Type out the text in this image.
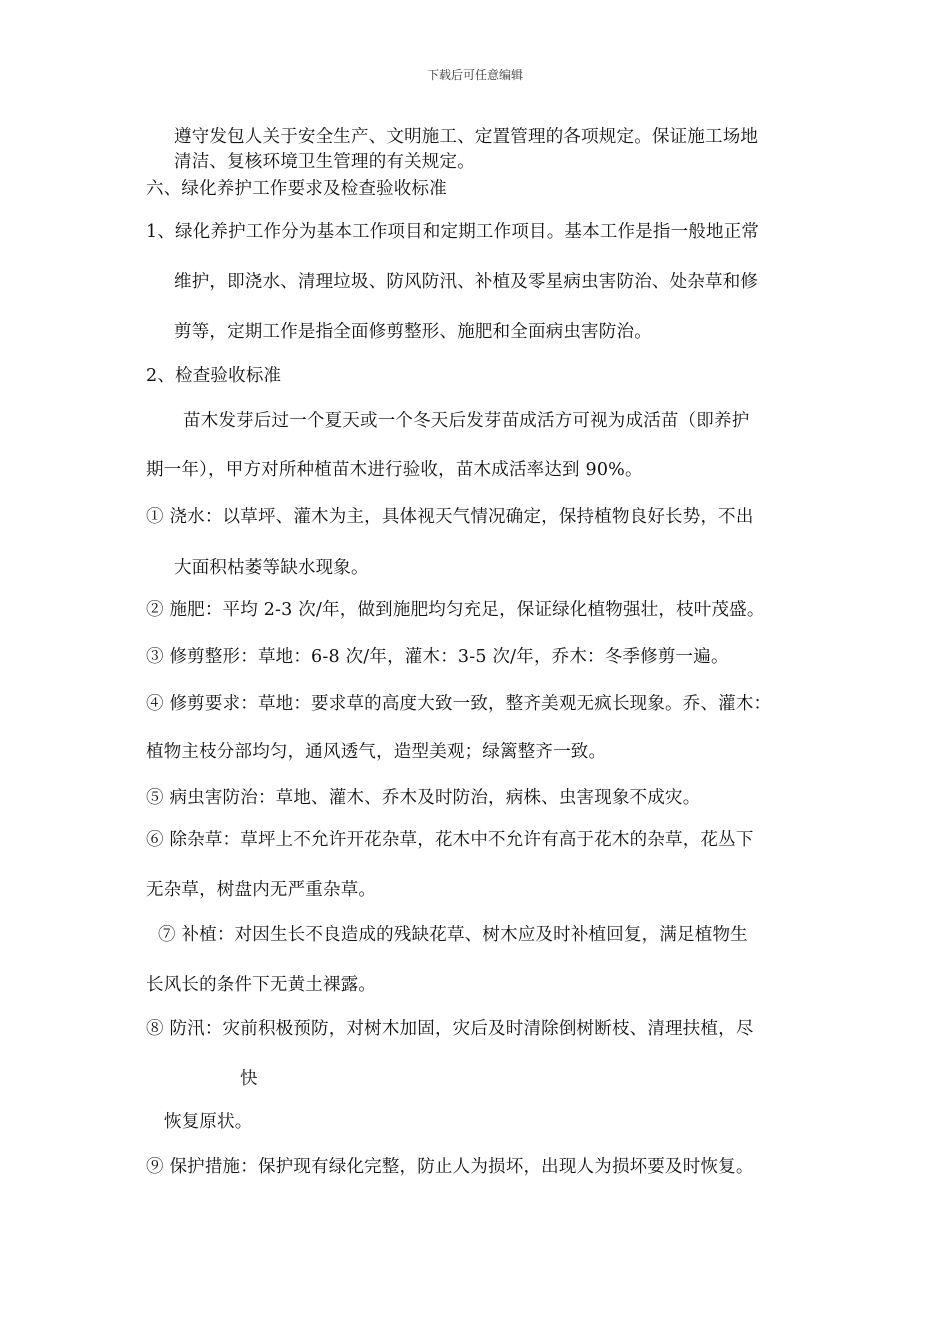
下载后可任意编辑
遵守发包人关于安全生产、文明施工、定置管理的各项规定。保证施工场地
清洁、复核环境卫生管理的有关规定。
六、绿化养护工作要求及检查验收标准
1、绿化养护工作分为基本工作项目和定期工作项目。基本工作是指一般地正常
维护，即浇水、清理垃圾、防风防汛、补植及零星病虫害防治、处杂草和修
剪等，定期工作是指全面修剪整形、施肥和全面病虫害防治。
2、检查验收标准
苗木发芽后过一个夏天或一个冬天后发芽苗成活方可视为成活苗（即养护
期一年），甲方对所种植苗木进行验收，苗木成活率达到 90%。
① 浇水：以草坪、灌木为主，具体视天气情况确定，保持植物良好长势，不出
大面积枯萎等缺水现象。
② 施肥：平均 2-3 次/年，做到施肥均匀充足，保证绿化植物强壮，枝叶茂盛。
③ 修剪整形：草地：6-8 次/年，灌木：3-5 次/年，乔木：冬季修剪一遍。
④ 修剪要求：草地：要求草的高度大致一致，整齐美观无疯长现象。乔、灌木：
植物主枝分部均匀，通风透气，造型美观；绿篱整齐一致。
⑤ 病虫害防治：草地、灌木、乔木及时防治，病株、虫害现象不成灾。
⑥ 除杂草：草坪上不允许开花杂草，花木中不允许有高于花木的杂草，花丛下
无杂草，树盘内无严重杂草。
⑦ 补植：对因生长不良造成的残缺花草、树木应及时补植回复，满足植物生
长风长的条件下无黄土裸露。
⑧ 防汛：灾前积极预防，对树木加固，灾后及时清除倒树断枝、清理扶植，尽
快
恢复原状。
⑨ 保护措施：保护现有绿化完整，防止人为损坏，出现人为损坏要及时恢复。
